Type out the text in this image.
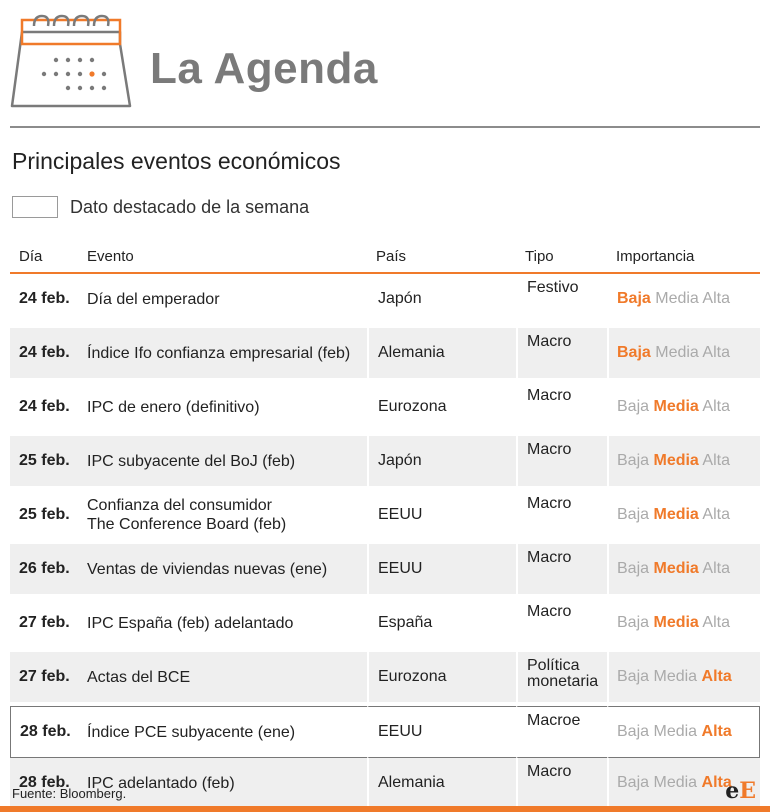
La Agenda
Principales eventos económicos
Dato destacado de la semana
Día	Evento	País	Tipo	Importancia
24 feb.	Día del emperador	Japón	Festivo	Baja Media Alta
24 feb.	Índice Ifo confianza empresarial (feb)	Alemania	Macro	Baja Media Alta
24 feb.	IPC de enero (definitivo)	Eurozona	Macro	Baja Media Alta
25 feb.	IPC subyacente del BoJ (feb)	Japón	Macro	Baja Media Alta
25 feb.	Confianza del consumidor
The Conference Board (feb)	EEUU	Macro	Baja Media Alta
26 feb.	Ventas de viviendas nuevas (ene)	EEUU	Macro	Baja Media Alta
27 feb.	IPC España (feb) adelantado	España	Macro	Baja Media Alta
27 feb.	Actas del BCE	Eurozona	Política
monetaria	Baja Media Alta
28 feb.	Índice PCE subyacente (ene)	EEUU	Macroe	Baja Media Alta
28 feb.	IPC adelantado (feb)	Alemania	Macro	Baja Media Alta
Fuente: Bloomberg.	eE
